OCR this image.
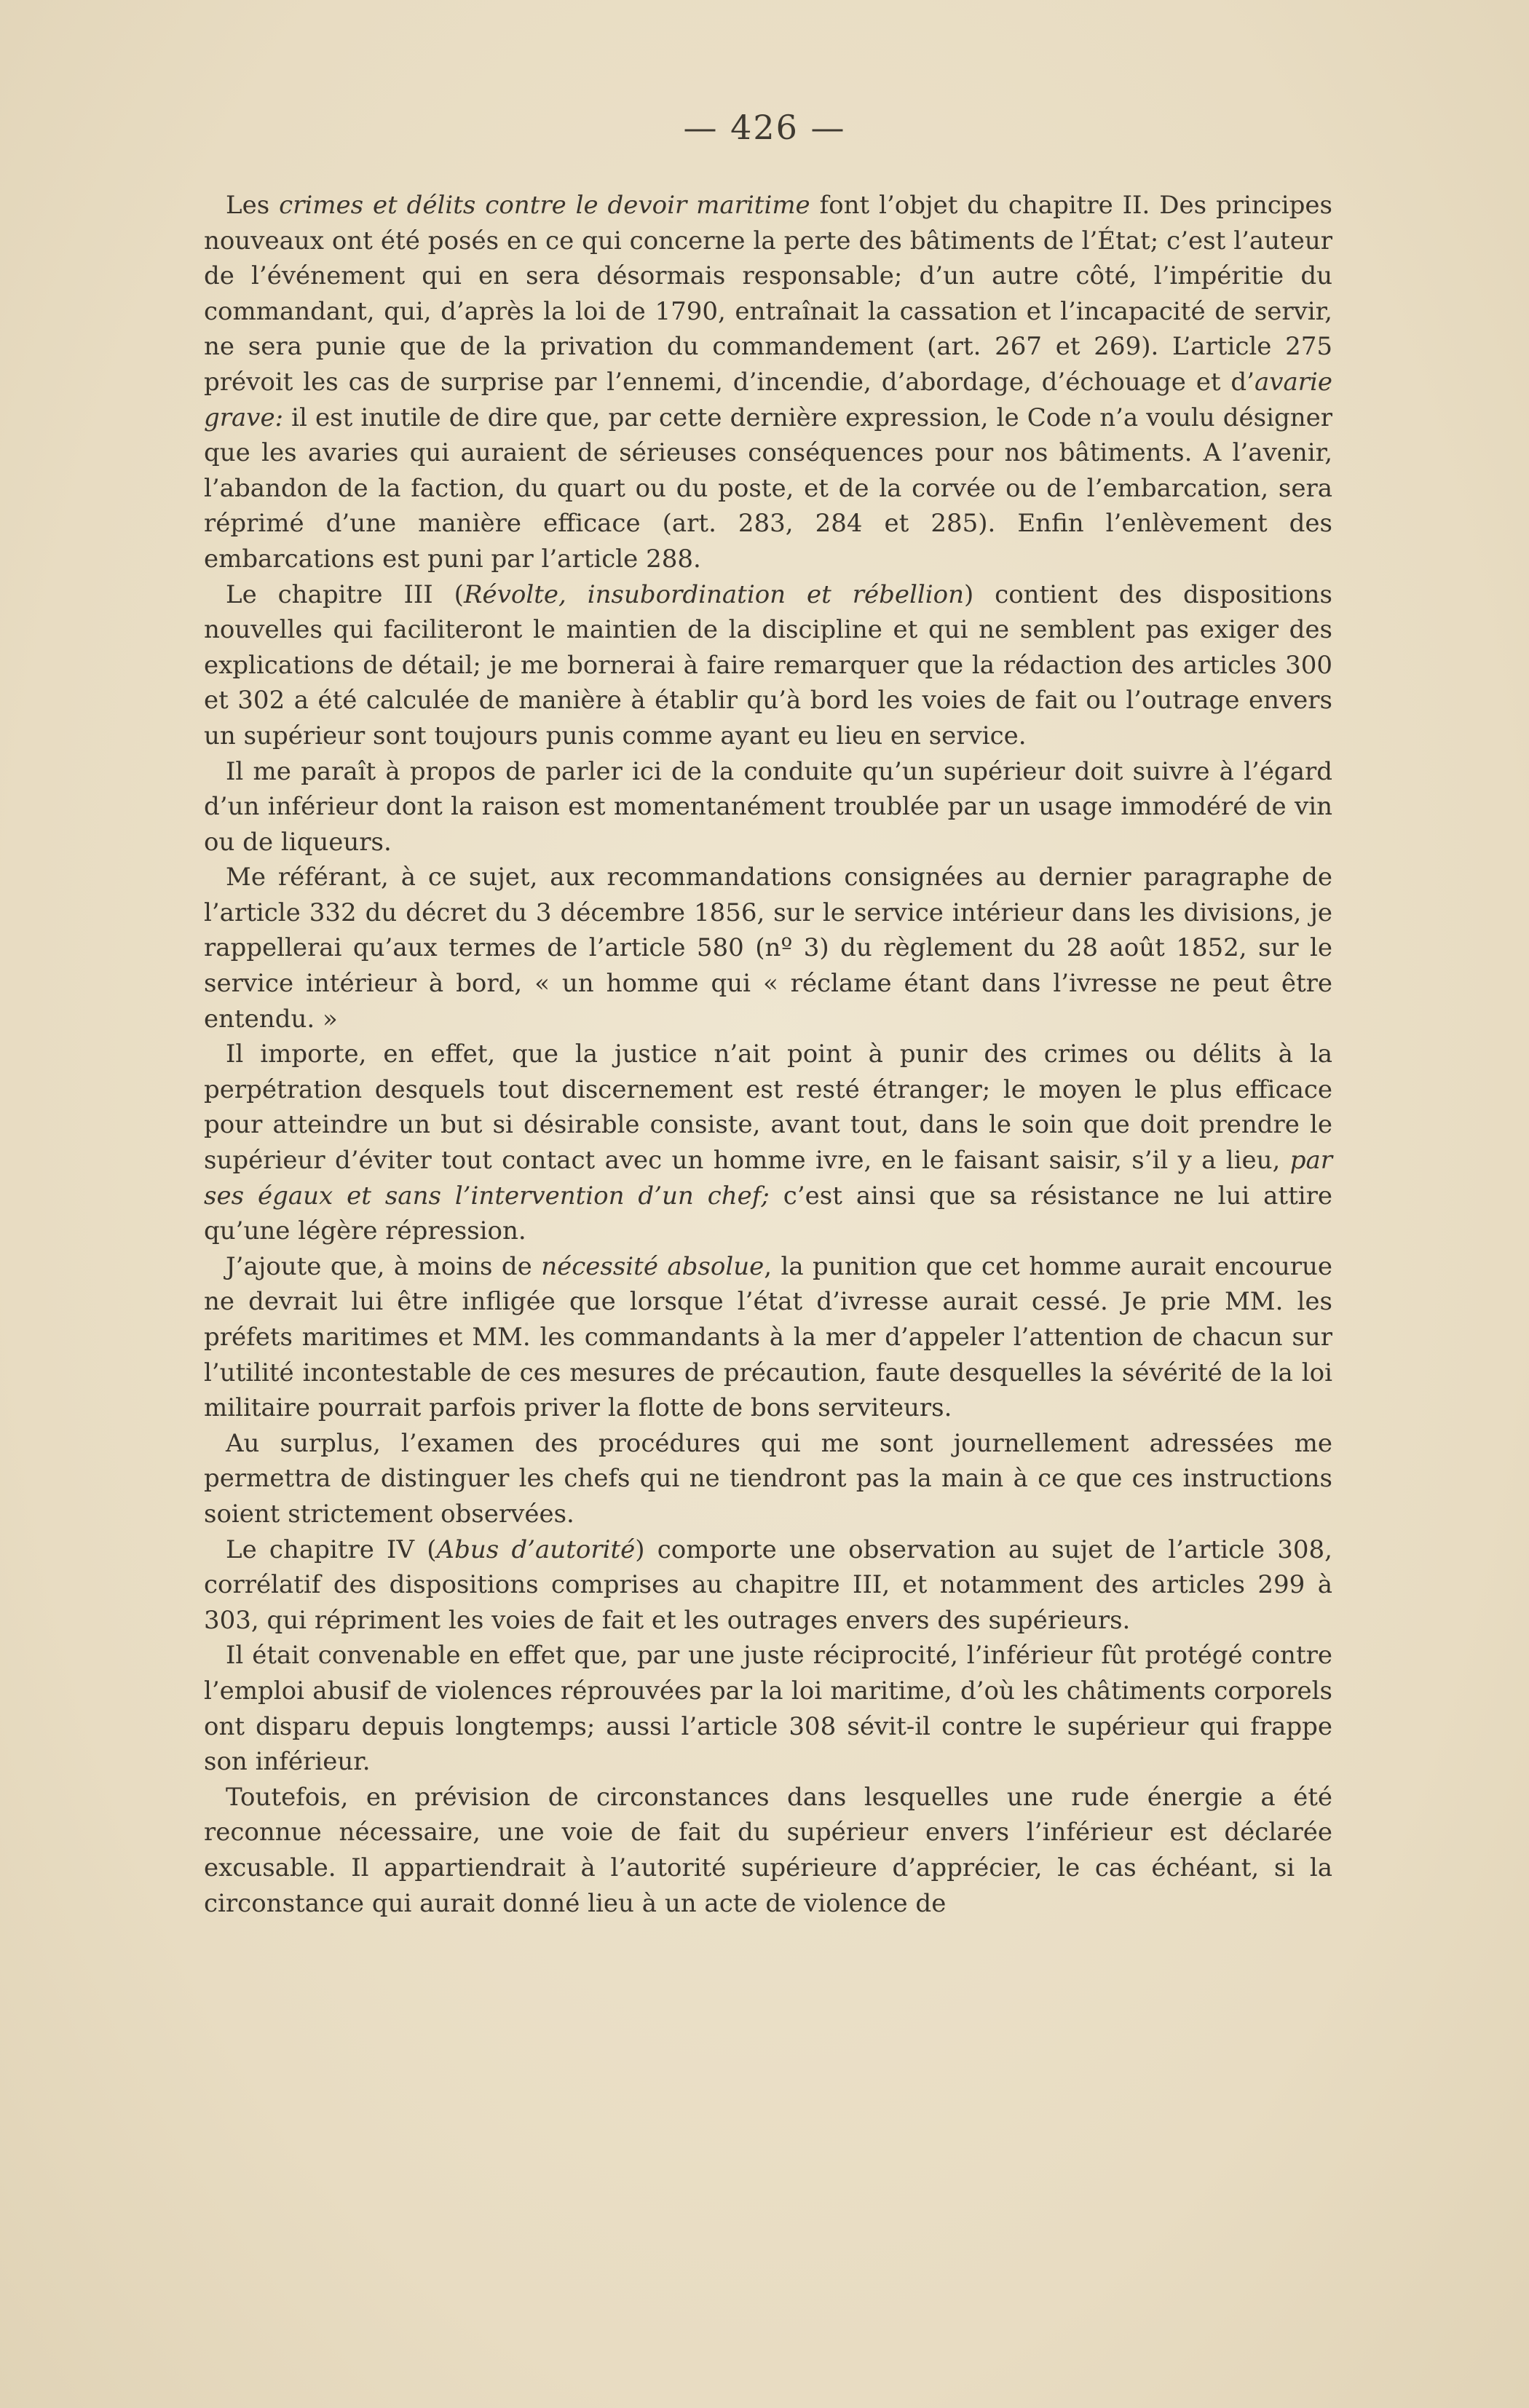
— 426 —

Les crimes et délits contre le devoir maritime font l’objet du chapitre II. Des principes nouveaux ont été posés en ce qui concerne la perte des bâtiments de l’État; c’est l’auteur de l’événement qui en sera désormais responsable; d’un autre côté, l’impéritie du commandant, qui, d’après la loi de 1790, entraînait la cassation et l’incapacité de servir, ne sera punie que de la privation du commandement (art. 267 et 269). L’article 275 prévoit les cas de surprise par l’ennemi, d’incendie, d’abordage, d’échouage et d’avarie grave: il est inutile de dire que, par cette dernière expression, le Code n’a voulu désigner que les avaries qui auraient de sérieuses conséquences pour nos bâtiments. A l’avenir, l’abandon de la faction, du quart ou du poste, et de la corvée ou de l’embarcation, sera réprimé d’une manière efficace (art. 283, 284 et 285). Enfin l’enlèvement des embarcations est puni par l’article 288.

Le chapitre III (Révolte, insubordination et rébellion) contient des dispositions nouvelles qui faciliteront le maintien de la discipline et qui ne semblent pas exiger des explications de détail; je me bornerai à faire remarquer que la rédaction des articles 300 et 302 a été calculée de manière à établir qu’à bord les voies de fait ou l’outrage envers un supérieur sont toujours punis comme ayant eu lieu en service.

Il me paraît à propos de parler ici de la conduite qu’un supérieur doit suivre à l’égard d’un inférieur dont la raison est momentanément troublée par un usage immodéré de vin ou de liqueurs.

Me référant, à ce sujet, aux recommandations consignées au dernier paragraphe de l’article 332 du décret du 3 décembre 1856, sur le service intérieur dans les divisions, je rappellerai qu’aux termes de l’article 580 (nº 3) du règlement du 28 août 1852, sur le service intérieur à bord, « un homme qui « réclame étant dans l’ivresse ne peut être entendu. »

Il importe, en effet, que la justice n’ait point à punir des crimes ou délits à la perpétration desquels tout discernement est resté étranger; le moyen le plus efficace pour atteindre un but si désirable consiste, avant tout, dans le soin que doit prendre le supérieur d’éviter tout contact avec un homme ivre, en le faisant saisir, s’il y a lieu, par ses égaux et sans l’intervention d’un chef; c’est ainsi que sa résistance ne lui attire qu’une légère répression.

J’ajoute que, à moins de nécessité absolue, la punition que cet homme aurait encourue ne devrait lui être infligée que lorsque l’état d’ivresse aurait cessé. Je prie MM. les préfets maritimes et MM. les commandants à la mer d’appeler l’attention de chacun sur l’utilité incontestable de ces mesures de précaution, faute desquelles la sévérité de la loi militaire pourrait parfois priver la flotte de bons serviteurs.

Au surplus, l’examen des procédures qui me sont journellement adressées me permettra de distinguer les chefs qui ne tiendront pas la main à ce que ces instructions soient strictement observées.

Le chapitre IV (Abus d’autorité) comporte une observation au sujet de l’article 308, corrélatif des dispositions comprises au chapitre III, et notamment des articles 299 à 303, qui répriment les voies de fait et les outrages envers des supérieurs.

Il était convenable en effet que, par une juste réciprocité, l’inférieur fût protégé contre l’emploi abusif de violences réprouvées par la loi maritime, d’où les châtiments corporels ont disparu depuis longtemps; aussi l’article 308 sévit-il contre le supérieur qui frappe son inférieur.

Toutefois, en prévision de circonstances dans lesquelles une rude énergie a été reconnue nécessaire, une voie de fait du supérieur envers l’inférieur est déclarée excusable. Il appartiendrait à l’autorité supérieure d’apprécier, le cas échéant, si la circonstance qui aurait donné lieu à un acte de violence de
